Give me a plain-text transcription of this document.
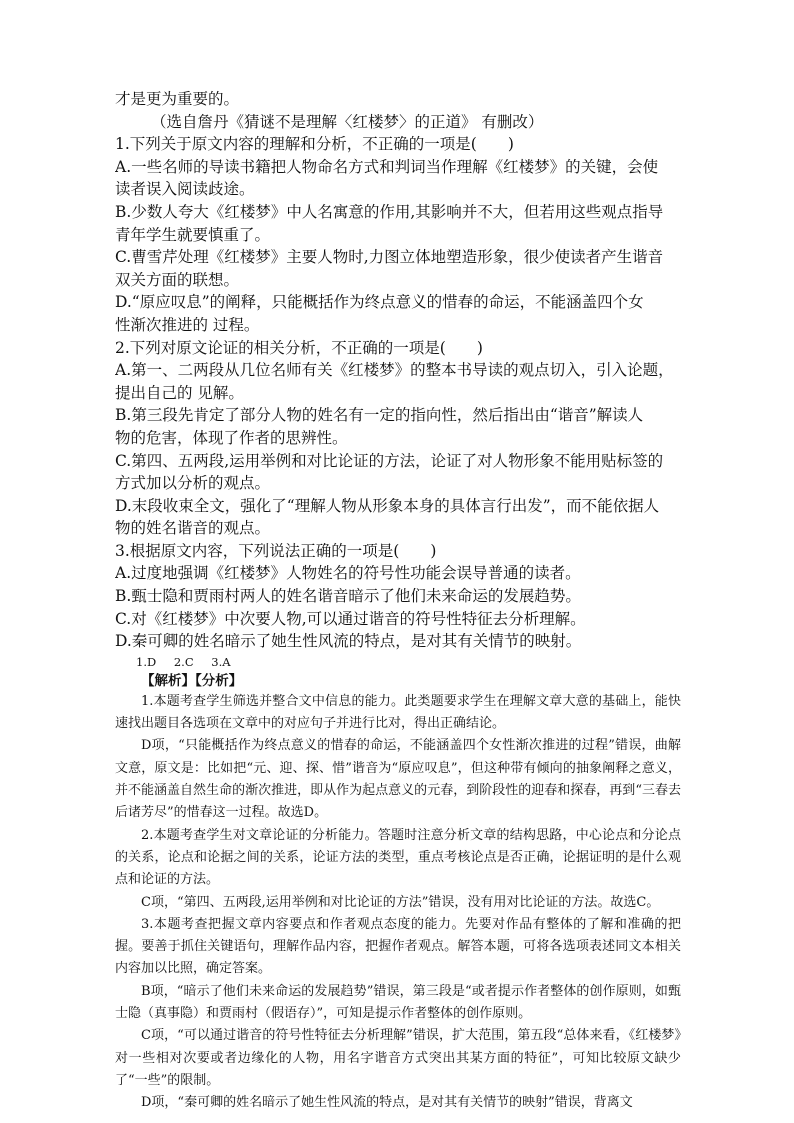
才是更为重要的。
（选自詹丹《猜谜不是理解〈红楼梦〉的正道》 有删改）
1.下列关于原文内容的理解和分析，不正确的一项是(　　)
A.一些名师的导读书籍把人物命名方式和判词当作理解《红楼梦》的关键，会使
读者误入阅读歧途。
B.少数人夸大《红楼梦》中人名寓意的作用,其影响并不大，但若用这些观点指导
青年学生就要慎重了。
C.曹雪芹处理《红楼梦》主要人物时,力图立体地塑造形象，很少使读者产生谐音
双关方面的联想。
D.“原应叹息”的阐释，只能概括作为终点意义的惜春的命运，不能涵盖四个女
性渐次推进的 过程。
2.下列对原文论证的相关分析，不正确的一项是(　　)
A.第一、二两段从几位名师有关《红楼梦》的整本书导读的观点切入，引入论题，
提出自己的 见解。
B.第三段先肯定了部分人物的姓名有一定的指向性，然后指出由“谐音”解读人
物的危害，体现了作者的思辨性。
C.第四、五两段,运用举例和对比论证的方法，论证了对人物形象不能用贴标签的
方式加以分析的观点。
D.末段收束全文，强化了“理解人物从形象本身的具体言行出发”，而不能依据人
物的姓名谐音的观点。
3.根据原文内容，下列说法正确的一项是(　　)
A.过度地强调《红楼梦》人物姓名的符号性功能会误导普通的读者。
B.甄士隐和贾雨村两人的姓名谐音暗示了他们未来命运的发展趋势。
C.对《红楼梦》中次要人物,可以通过谐音的符号性特征去分析理解。
D.秦可卿的姓名暗示了她生性风流的特点，是对其有关情节的映射。
1.D 2.C 3.A
【解析】【分析】

1.本题考查学生筛选并整合文中信息的能力。此类题要求学生在理解文章大意的基础上，能快速找出题目各选项在文章中的对应句子并进行比对，得出正确结论。

D项，“只能概括作为终点意义的惜春的命运，不能涵盖四个女性渐次推进的过程”错误，曲解文意，原文是：比如把“元、迎、探、惜”谐音为“原应叹息”，但这种带有倾向的抽象阐释之意义，并不能涵盖自然生命的渐次推进，即从作为起点意义的元春，到阶段性的迎春和探春，再到“三春去后诸芳尽”的惜春这一过程。故选D。

2.本题考查学生对文章论证的分析能力。答题时注意分析文章的结构思路，中心论点和分论点的关系，论点和论据之间的关系，论证方法的类型，重点考核论点是否正确，论据证明的是什么观点和论证的方法。

C项，“第四、五两段,运用举例和对比论证的方法”错误，没有用对比论证的方法。故选C。

3.本题考查把握文章内容要点和作者观点态度的能力。先要对作品有整体的了解和准确的把握。要善于抓住关键语句，理解作品内容，把握作者观点。解答本题，可将各选项表述同文本相关内容加以比照，确定答案。

B项，“暗示了他们未来命运的发展趋势”错误，第三段是“或者提示作者整体的创作原则，如甄士隐（真事隐）和贾雨村（假语存）”，可知是提示作者整体的创作原则。

C项，“可以通过谐音的符号性特征去分析理解”错误，扩大范围，第五段“总体来看，《红楼梦》对一些相对次要或者边缘化的人物，用名字谐音方式突出其某方面的特征”，可知比较原文缺少了“一些”的限制。

D项，“秦可卿的姓名暗示了她生性风流的特点，是对其有关情节的映射”错误，背离文
